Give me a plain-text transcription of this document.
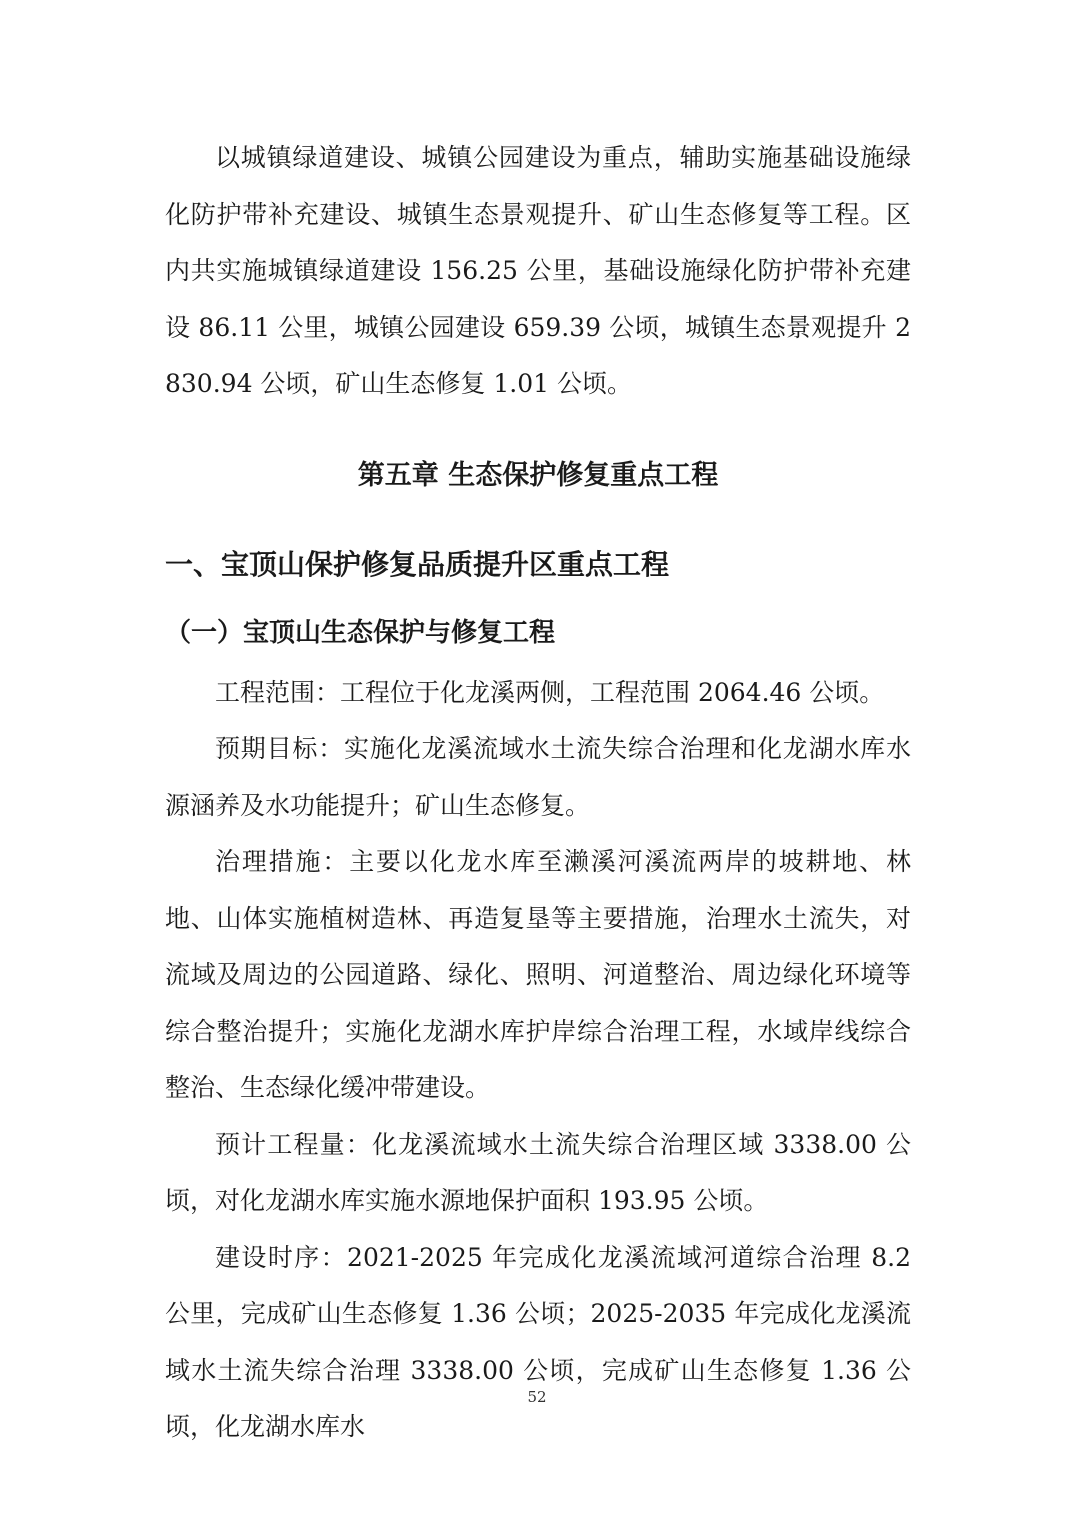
以城镇绿道建设、城镇公园建设为重点，辅助实施基础设施绿化防护带补充建设、城镇生态景观提升、矿山生态修复等工程。区内共实施城镇绿道建设 156.25 公里，基础设施绿化防护带补充建设 86.11 公里，城镇公园建设 659.39 公顷，城镇生态景观提升 2830.94 公顷，矿山生态修复 1.01 公顷。

第五章 生态保护修复重点工程
一、宝顶山保护修复品质提升区重点工程
（一）宝顶山生态保护与修复工程

工程范围：工程位于化龙溪两侧，工程范围 2064.46 公顷。

预期目标：实施化龙溪流域水土流失综合治理和化龙湖水库水源涵养及水功能提升；矿山生态修复。

治理措施：主要以化龙水库至濑溪河溪流两岸的坡耕地、林地、山体实施植树造林、再造复垦等主要措施，治理水土流失，对流域及周边的公园道路、绿化、照明、河道整治、周边绿化环境等综合整治提升；实施化龙湖水库护岸综合治理工程，水域岸线综合整治、生态绿化缓冲带建设。

预计工程量：化龙溪流域水土流失综合治理区域 3338.00 公顷，对化龙湖水库实施水源地保护面积 193.95 公顷。

建设时序：2021-2025 年完成化龙溪流域河道综合治理 8.2 公里，完成矿山生态修复 1.36 公顷；2025-2035 年完成化龙溪流域水土流失综合治理 3338.00 公顷，完成矿山生态修复 1.36 公顷，化龙湖水库水

52
